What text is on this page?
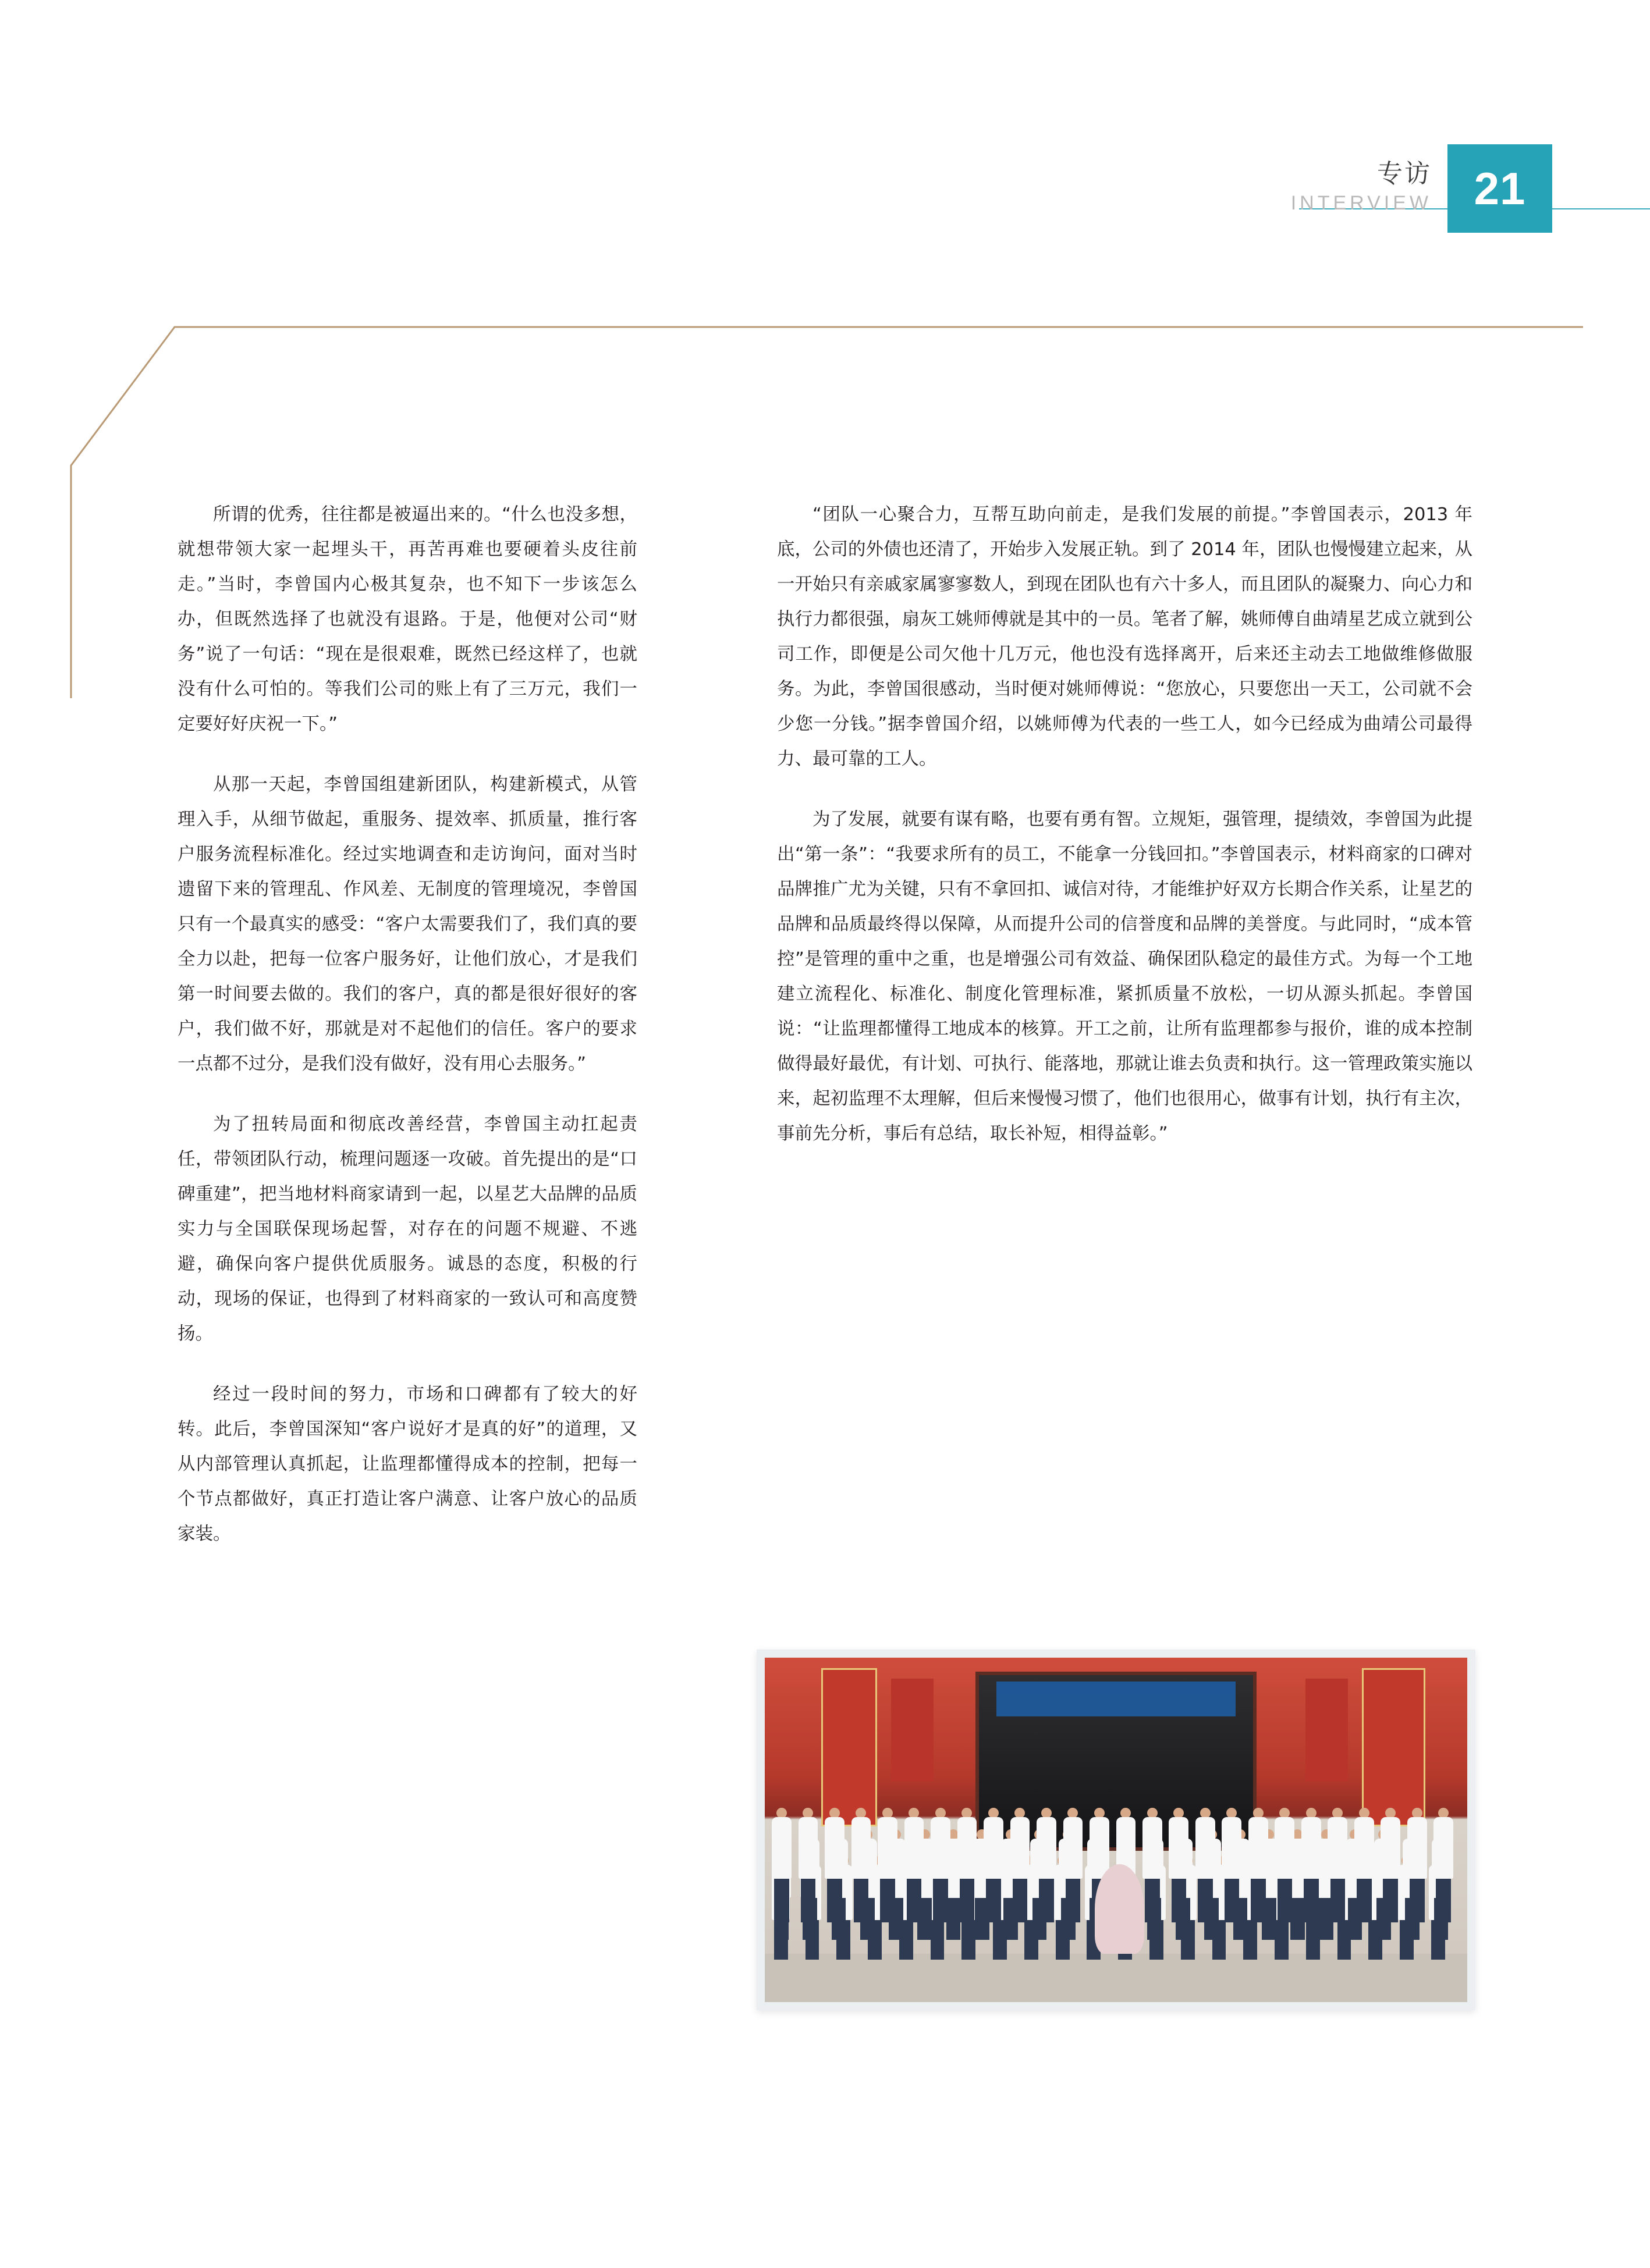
专访
INTERVIEW 21

所谓的优秀，往往都是被逼出来的。“什么也没多想，就想带领大家一起埋头干，再苦再难也要硬着头皮往前走。”当时，李曾国内心极其复杂，也不知下一步该怎么办，但既然选择了也就没有退路。于是，他便对公司“财务”说了一句话：“现在是很艰难，既然已经这样了，也就没有什么可怕的。等我们公司的账上有了三万元，我们一定要好好庆祝一下。”

从那一天起，李曾国组建新团队，构建新模式，从管理入手，从细节做起，重服务、提效率、抓质量，推行客户服务流程标准化。经过实地调查和走访询问，面对当时遗留下来的管理乱、作风差、无制度的管理境况，李曾国只有一个最真实的感受：“客户太需要我们了，我们真的要全力以赴，把每一位客户服务好，让他们放心，才是我们第一时间要去做的。我们的客户，真的都是很好很好的客户，我们做不好，那就是对不起他们的信任。客户的要求一点都不过分，是我们没有做好，没有用心去服务。”

为了扭转局面和彻底改善经营，李曾国主动扛起责任，带领团队行动，梳理问题逐一攻破。首先提出的是“口碑重建”，把当地材料商家请到一起，以星艺大品牌的品质实力与全国联保现场起誓，对存在的问题不规避、不逃避，确保向客户提供优质服务。诚恳的态度，积极的行动，现场的保证，也得到了材料商家的一致认可和高度赞扬。

经过一段时间的努力，市场和口碑都有了较大的好转。此后，李曾国深知“客户说好才是真的好”的道理，又从内部管理认真抓起，让监理都懂得成本的控制，把每一个节点都做好，真正打造让客户满意、让客户放心的品质家装。

“团队一心聚合力，互帮互助向前走，是我们发展的前提。”李曾国表示，2013 年底，公司的外债也还清了，开始步入发展正轨。到了 2014 年，团队也慢慢建立起来，从一开始只有亲戚家属寥寥数人，到现在团队也有六十多人，而且团队的凝聚力、向心力和执行力都很强，扇灰工姚师傅就是其中的一员。笔者了解，姚师傅自曲靖星艺成立就到公司工作，即便是公司欠他十几万元，他也没有选择离开，后来还主动去工地做维修做服务。为此，李曾国很感动，当时便对姚师傅说：“您放心，只要您出一天工，公司就不会少您一分钱。”据李曾国介绍，以姚师傅为代表的一些工人，如今已经成为曲靖公司最得力、最可靠的工人。

为了发展，就要有谋有略，也要有勇有智。立规矩，强管理，提绩效，李曾国为此提出“第一条”：“我要求所有的员工，不能拿一分钱回扣。”李曾国表示，材料商家的口碑对品牌推广尤为关键，只有不拿回扣、诚信对待，才能维护好双方长期合作关系，让星艺的品牌和品质最终得以保障，从而提升公司的信誉度和品牌的美誉度。与此同时，“成本管控”是管理的重中之重，也是增强公司有效益、确保团队稳定的最佳方式。为每一个工地建立流程化、标准化、制度化管理标准，紧抓质量不放松，一切从源头抓起。李曾国说：“让监理都懂得工地成本的核算。开工之前，让所有监理都参与报价，谁的成本控制做得最好最优，有计划、可执行、能落地，那就让谁去负责和执行。这一管理政策实施以来，起初监理不太理解，但后来慢慢习惯了，他们也很用心，做事有计划，执行有主次，事前先分析，事后有总结，取长补短，相得益彰。”
